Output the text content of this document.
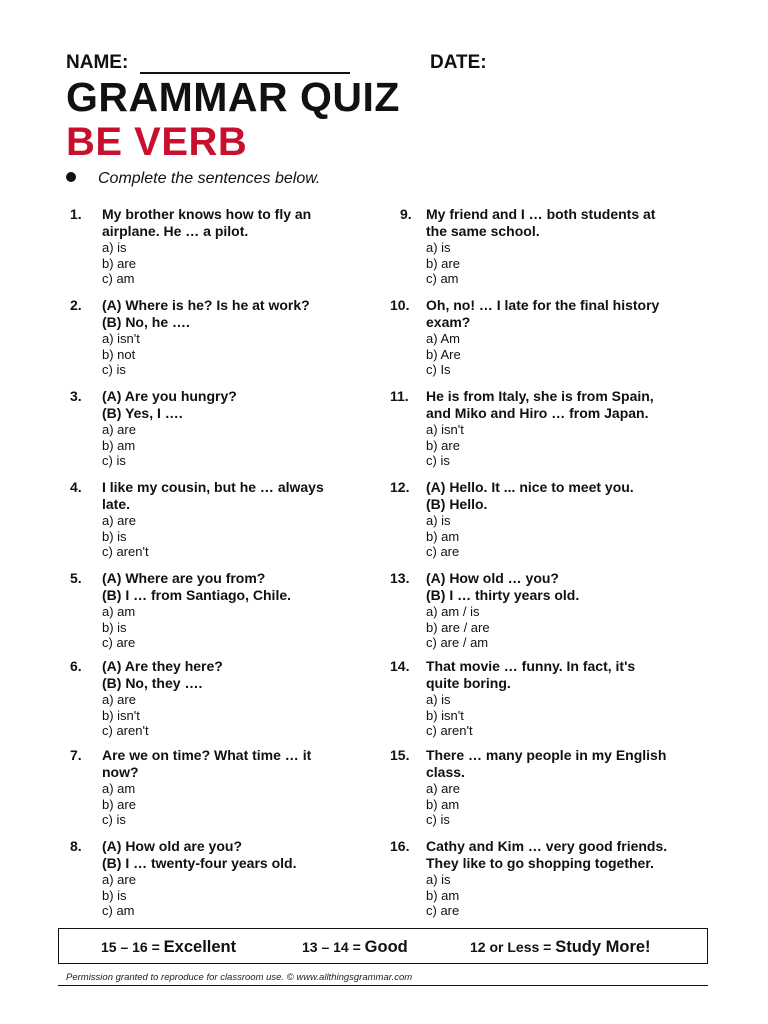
NAME:	DATE:
GRAMMAR QUIZ
BE VERB
Complete the sentences below.
1. My brother knows how to fly an
airplane. He … a pilot.
a) is
b) are
c) am
2. (A) Where is he? Is he at work?
(B) No, he ….
a) isn't
b) not
c) is
3. (A) Are you hungry?
(B) Yes, I ….
a) are
b) am
c) is
4. I like my cousin, but he … always
late.
a) are
b) is
c) aren't
5. (A) Where are you from?
(B) I … from Santiago, Chile.
a) am
b) is
c) are
6. (A) Are they here?
(B) No, they ….
a) are
b) isn't
c) aren't
7. Are we on time? What time … it
now?
a) am
b) are
c) is
8. (A) How old are you?
(B) I … twenty-four years old.
a) are
b) is
c) am
9. My friend and I … both students at
the same school.
a) is
b) are
c) am
10. Oh, no! … I late for the final history
exam?
a) Am
b) Are
c) Is
11. He is from Italy, she is from Spain,
and Miko and Hiro … from Japan.
a) isn't
b) are
c) is
12. (A) Hello. It ... nice to meet you.
(B) Hello.
a) is
b) am
c) are
13. (A) How old … you?
(B) I … thirty years old.
a) am / is
b) are / are
c) are / am
14. That movie … funny. In fact, it's
quite boring.
a) is
b) isn't
c) aren't
15. There … many people in my English
class.
a) are
b) am
c) is
16. Cathy and Kim … very good friends.
They like to go shopping together.
a) is
b) am
c) are
15 – 16 = Excellent	13 – 14 = Good	12 or Less = Study More!
Permission granted to reproduce for classroom use. © www.allthingsgrammar.com
